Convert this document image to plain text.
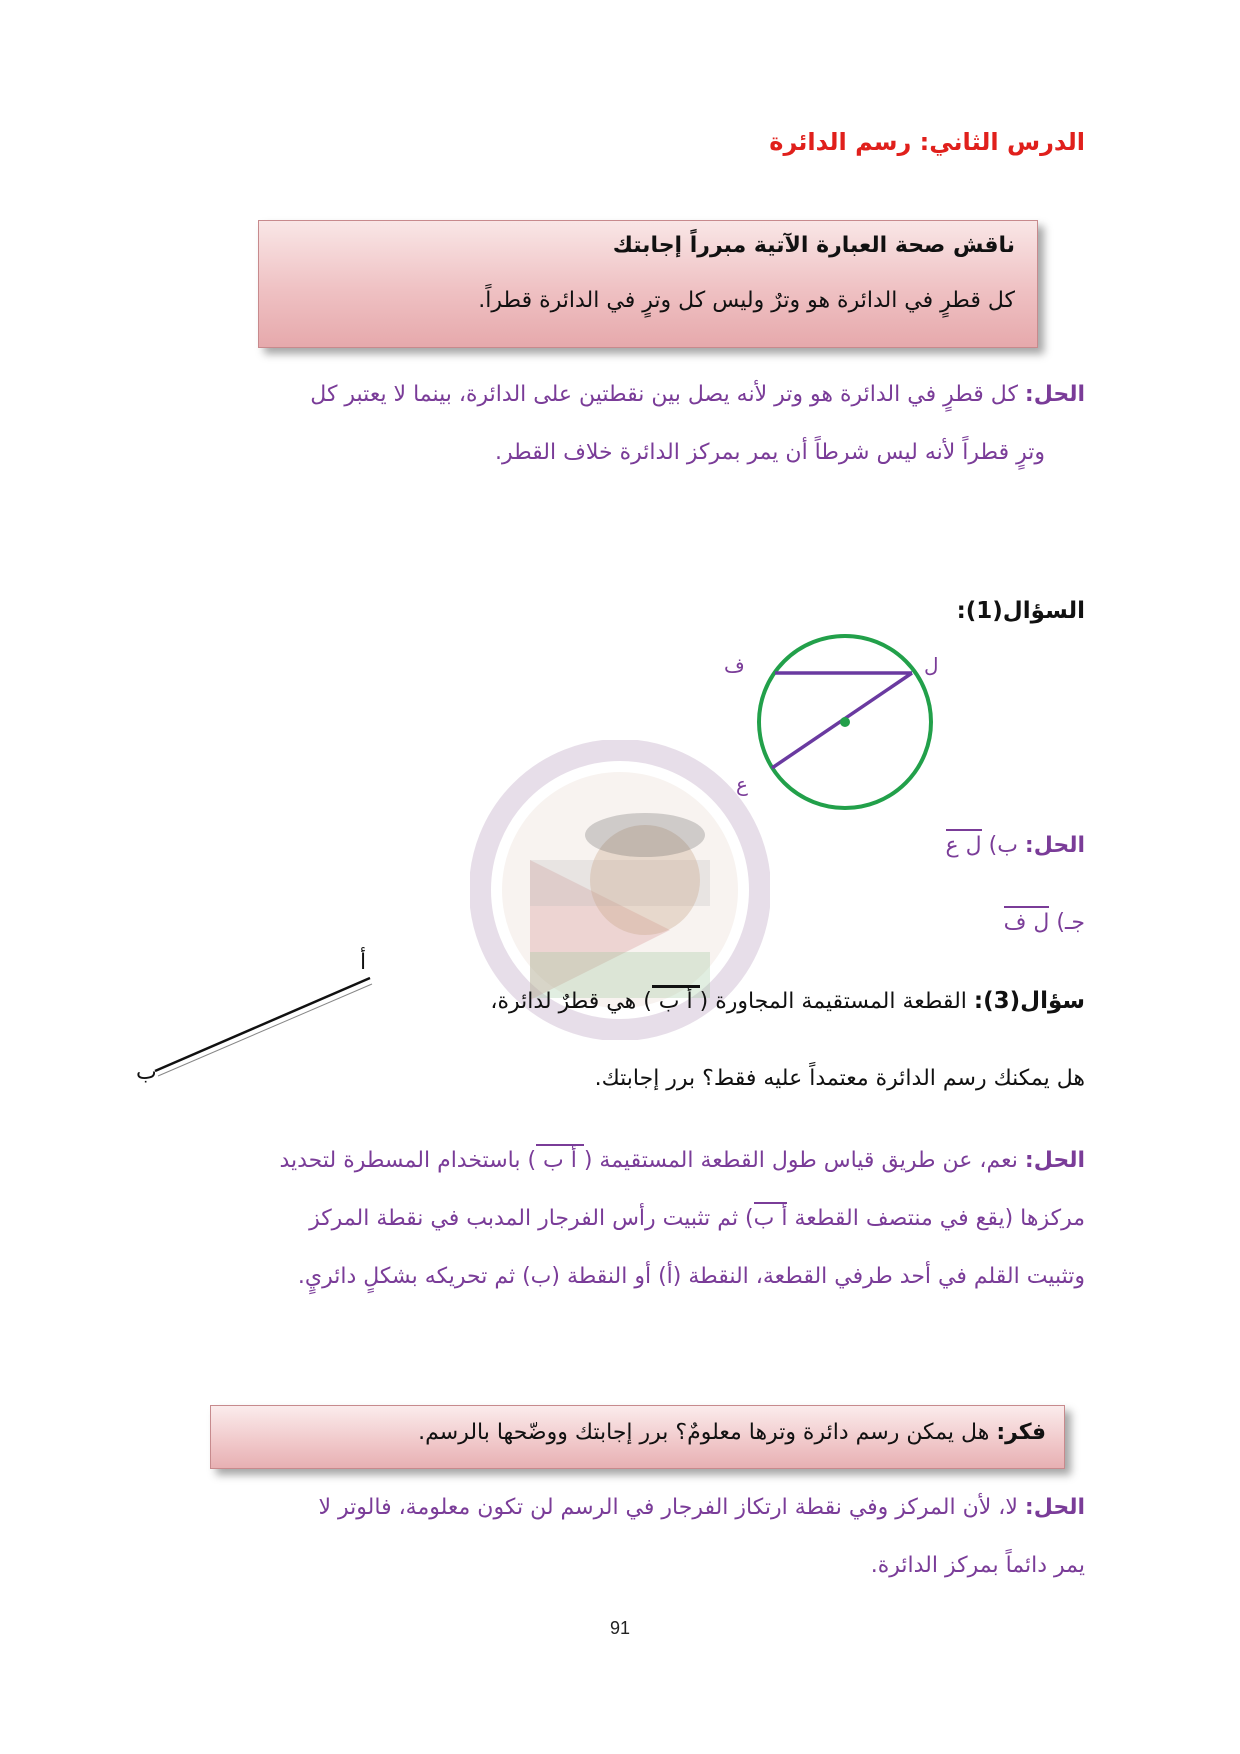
الدرس الثاني: رسم الدائرة
ناقش صحة العبارة الآتية مبرراً إجابتك
كل قطرٍ في الدائرة هو وترٌ وليس كل وترٍ في الدائرة قطراً.
الحل: كل قطرٍ في الدائرة هو وتر لأنه يصل بين نقطتين على الدائرة، بينما لا يعتبر كل
وترٍ قطراً لأنه ليس شرطاً أن يمر بمركز الدائرة خلاف القطر.
السؤال(1):
ل
ف
ع
الحل: ب) ل ع
جـ) ل ف
أ
ب
سؤال(3): القطعة المستقيمة المجاورة ( أ ب ) هي قطرٌ لدائرة،
هل يمكنك رسم الدائرة معتمداً عليه فقط؟ برر إجابتك.
الحل: نعم، عن طريق قياس طول القطعة المستقيمة ( أ ب ) باستخدام المسطرة لتحديد
مركزها (يقع في منتصف القطعة أ ب) ثم تثبيت رأس الفرجار المدبب في نقطة المركز
وتثبيت القلم في أحد طرفي القطعة، النقطة (أ) أو النقطة (ب) ثم تحريكه بشكلٍ دائريٍ.
فكر: هل يمكن رسم دائرة وترها معلومٌ؟ برر إجابتك ووضّحها بالرسم.
الحل: لا، لأن المركز وفي نقطة ارتكاز الفرجار في الرسم لن تكون معلومة، فالوتر لا
يمر دائماً بمركز الدائرة.
91
